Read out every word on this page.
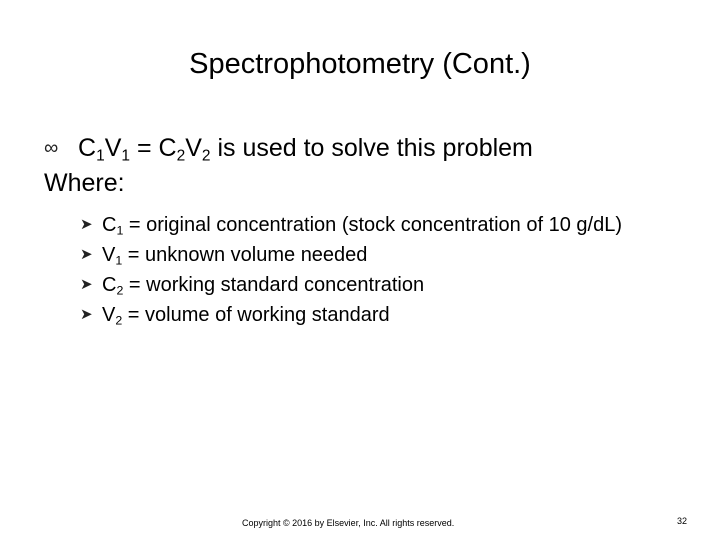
Spectrophotometry (Cont.)
∞ $C_1V_1 = C_2V_2$ is used to solve this problem
Where:
➤ $C_1$ = original concentration (stock concentration of 10 g/dL)
➤ $V_1$ = unknown volume needed
➤ $C_2$ = working standard concentration
➤ $V_2$ = volume of working standard
Copyright © 2016 by Elsevier, Inc. All rights reserved.	32
